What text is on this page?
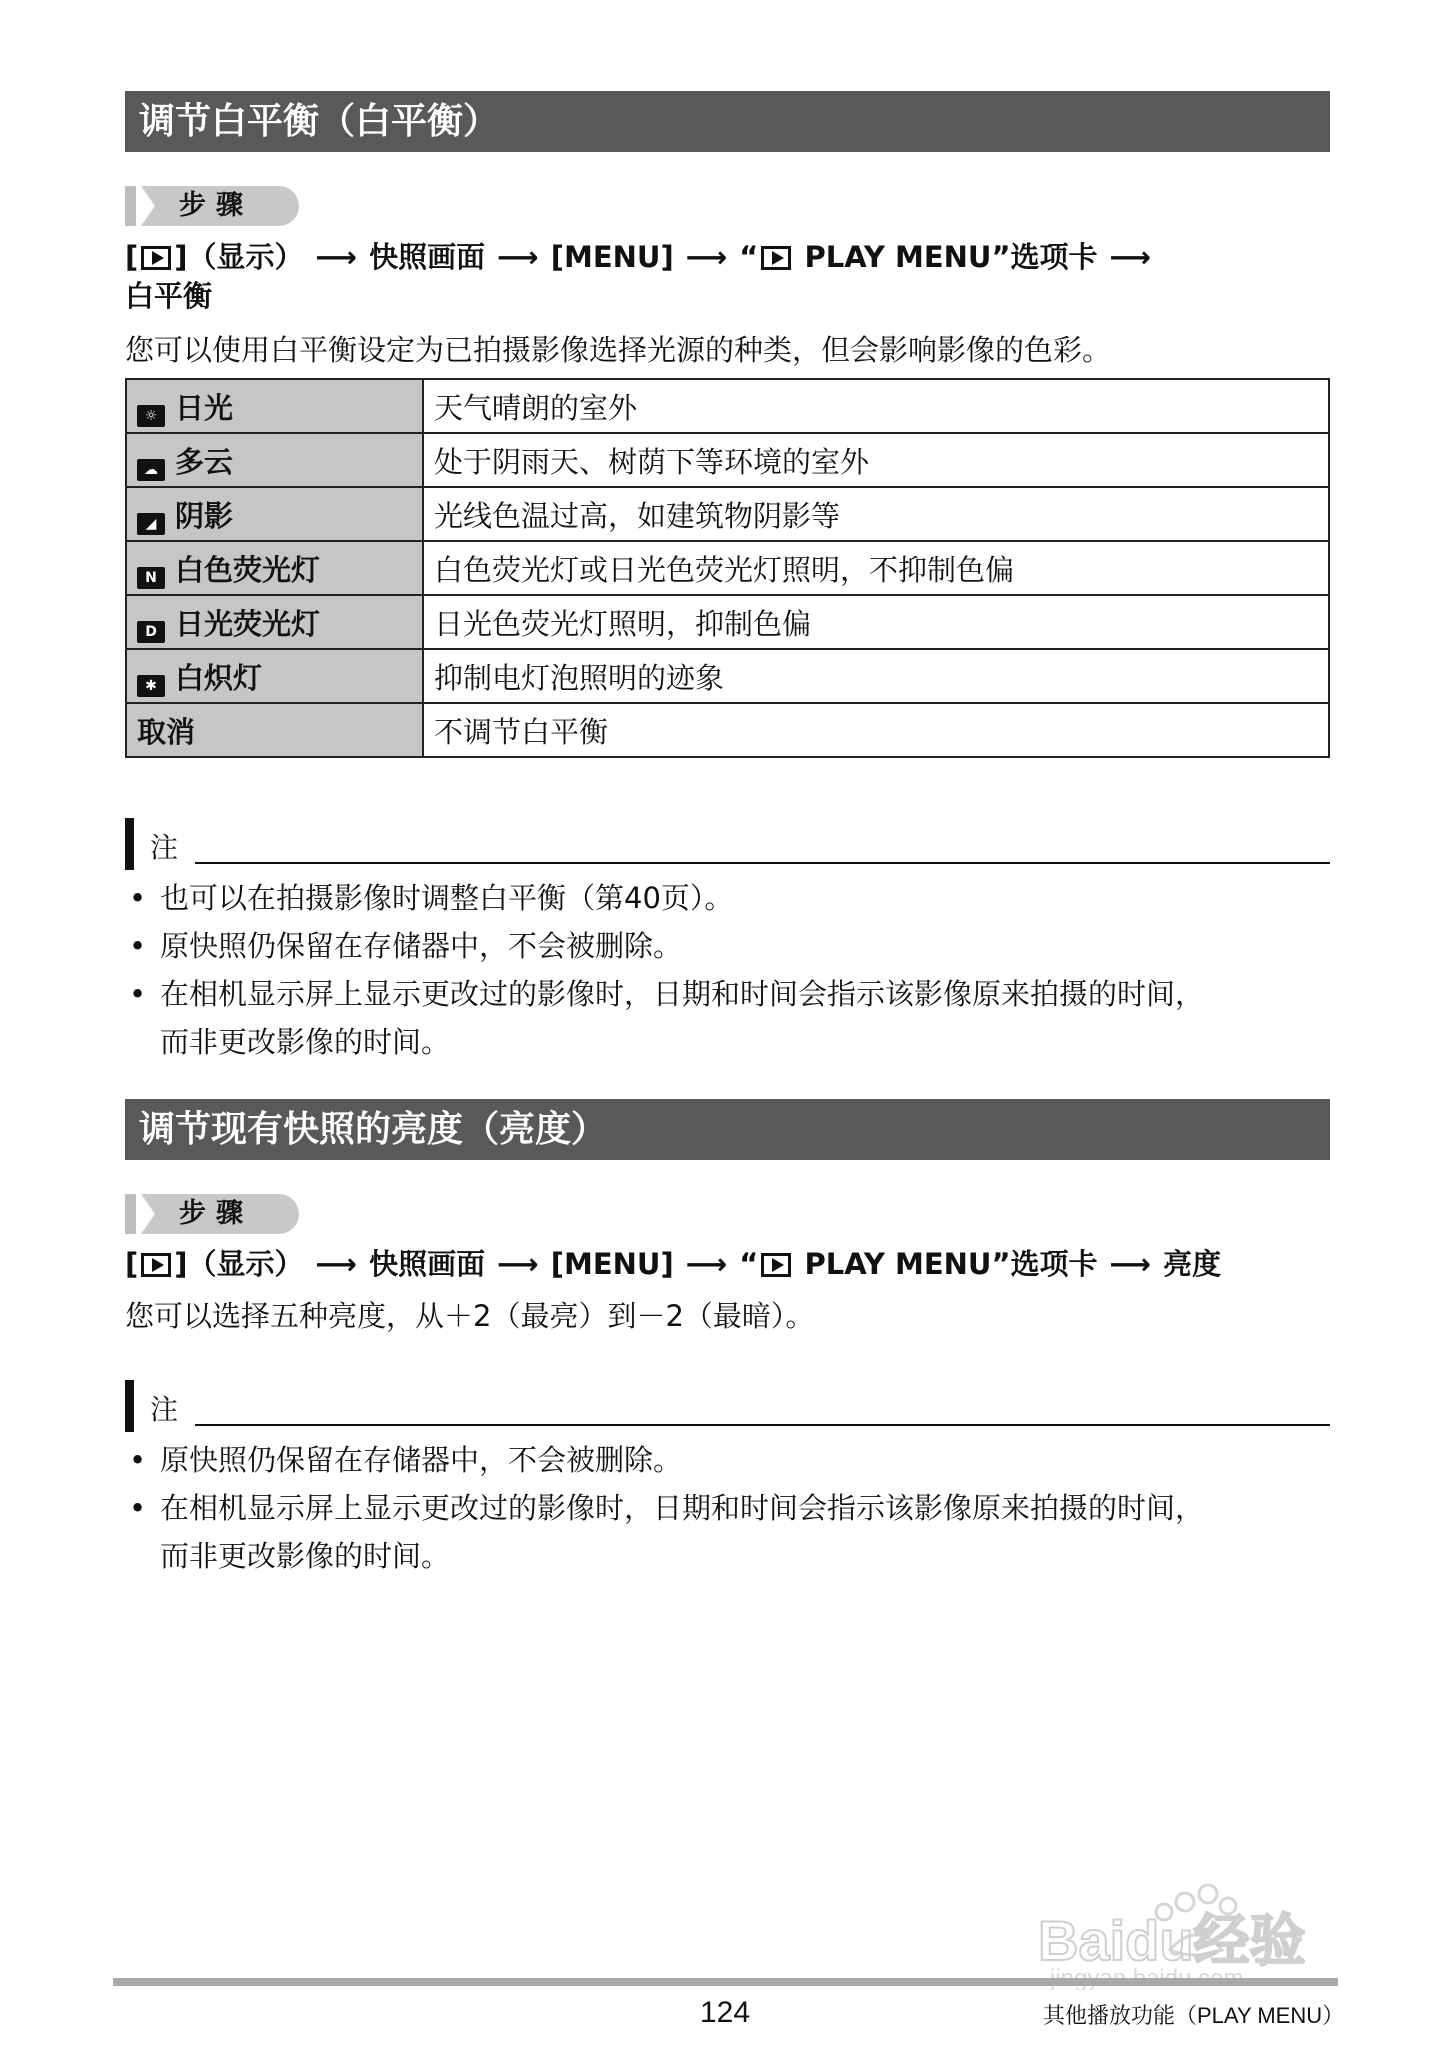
调节白平衡（白平衡）
步骤
[ ]（显示） ⟶ 快照画面 ⟶ [MENU] ⟶ “ PLAY MENU”选项卡 ⟶
白平衡
您可以使用白平衡设定为已拍摄影像选择光源的种类，但会影响影像的色彩。
☼ 日光	天气晴朗的室外
☁ 多云	处于阴雨天、树荫下等环境的室外
◢ 阴影	光线色温过高，如建筑物阴影等
N 白色荧光灯	白色荧光灯或日光色荧光灯照明，不抑制色偏
D 日光荧光灯	日光色荧光灯照明，抑制色偏
✱ 白炽灯	抑制电灯泡照明的迹象
取消	不调节白平衡
注
• 也可以在拍摄影像时调整白平衡（第40页）。
• 原快照仍保留在存储器中，不会被删除。
• 在相机显示屏上显示更改过的影像时，日期和时间会指示该影像原来拍摄的时间，
而非更改影像的时间。
调节现有快照的亮度（亮度）
步骤
[ ]（显示） ⟶ 快照画面 ⟶ [MENU] ⟶ “ PLAY MENU”选项卡 ⟶ 亮度
您可以选择五种亮度，从＋2（最亮）到－2（最暗）。
注
• 原快照仍保留在存储器中，不会被删除。
• 在相机显示屏上显示更改过的影像时，日期和时间会指示该影像原来拍摄的时间，
而非更改影像的时间。
Baidu经验
124	其他播放功能（PLAY MENU）
